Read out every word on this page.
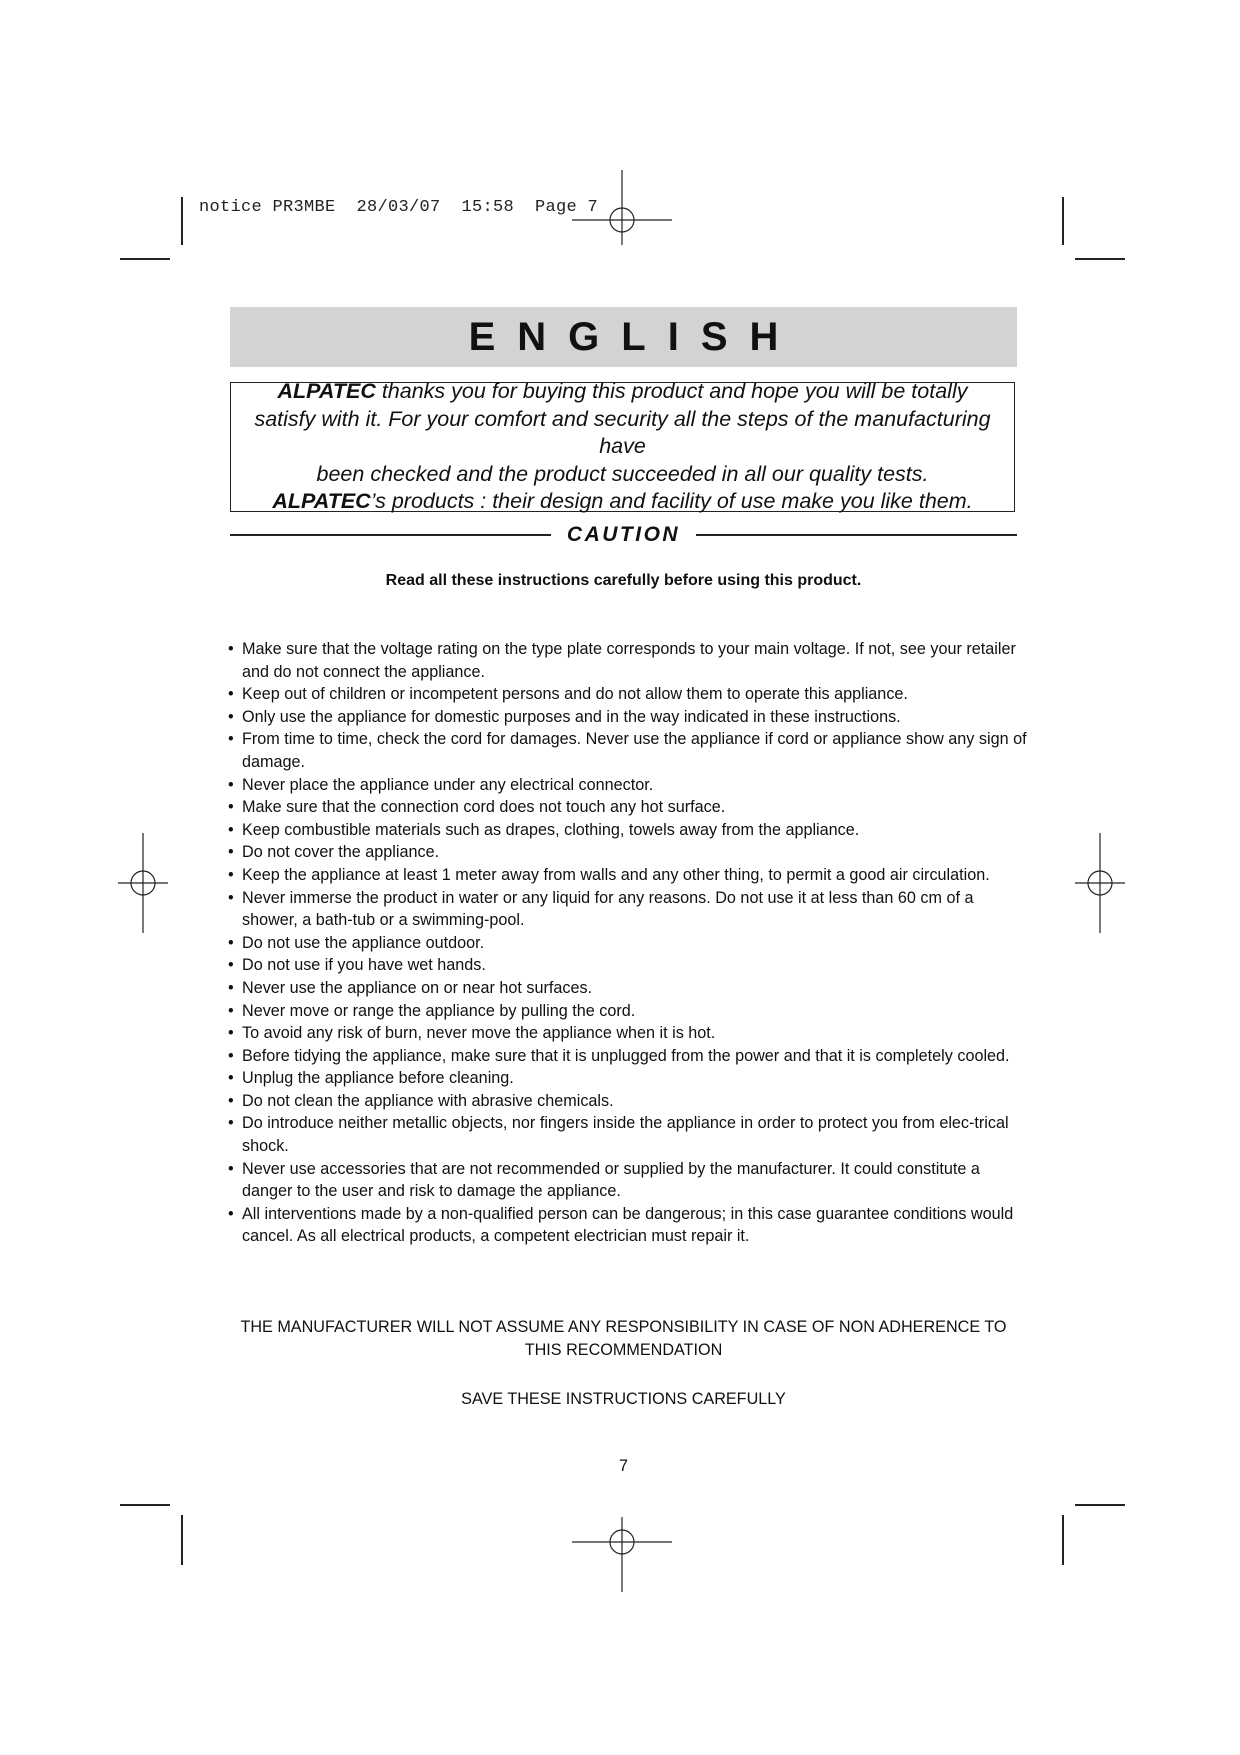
notice PR3MBE  28/03/07  15:58  Page 7
ENGLISH
ALPATEC thanks you for buying this product and hope you will be totally
satisfy with it. For your comfort and security all the steps of the manufacturing have
been checked and the product succeeded in all our quality tests.
ALPATEC’s products : their design and facility of use make you like them.
CAUTION
Read all these instructions carefully before using this product.
• Make sure that the voltage rating on the type plate corresponds to your main voltage. If not, see your retailer and do not connect the appliance.
• Keep out of children or incompetent persons and do not allow them to operate this appliance.
• Only use the appliance for domestic purposes and in the way indicated in these instructions.
• From time to time, check the cord for damages. Never use the appliance if cord or appliance show any sign of damage.
• Never place the appliance under any electrical connector.
• Make sure that the connection cord does not touch any hot surface.
• Keep combustible materials such as drapes, clothing, towels away from the appliance.
• Do not cover the appliance.
• Keep the appliance at least 1 meter away from walls and any other thing, to permit a good air circulation.
• Never immerse the product in water or any liquid for any reasons. Do not use it at less than 60 cm of a shower, a bath-tub or a swimming-pool.
• Do not use the appliance outdoor.
• Do not use if you have wet hands.
• Never use the appliance on or near hot surfaces.
• Never move or range the appliance by pulling the cord.
• To avoid any risk of burn, never move the appliance when it is hot.
• Before tidying the appliance, make sure that it is unplugged from the power and that it is completely cooled.
• Unplug the appliance before cleaning.
• Do not clean the appliance with abrasive chemicals.
• Do introduce neither metallic objects, nor fingers inside the appliance in order to protect you from elec-trical shock.
• Never use accessories that are not recommended or supplied by the manufacturer. It could constitute a danger to the user and risk to damage the appliance.
• All interventions made by a non-qualified person can be dangerous; in this case guarantee conditions would cancel. As all electrical products, a competent electrician must repair it.
THE MANUFACTURER WILL NOT ASSUME ANY RESPONSIBILITY IN CASE OF NON ADHERENCE TO
THIS RECOMMENDATION
SAVE THESE INSTRUCTIONS CAREFULLY
7
